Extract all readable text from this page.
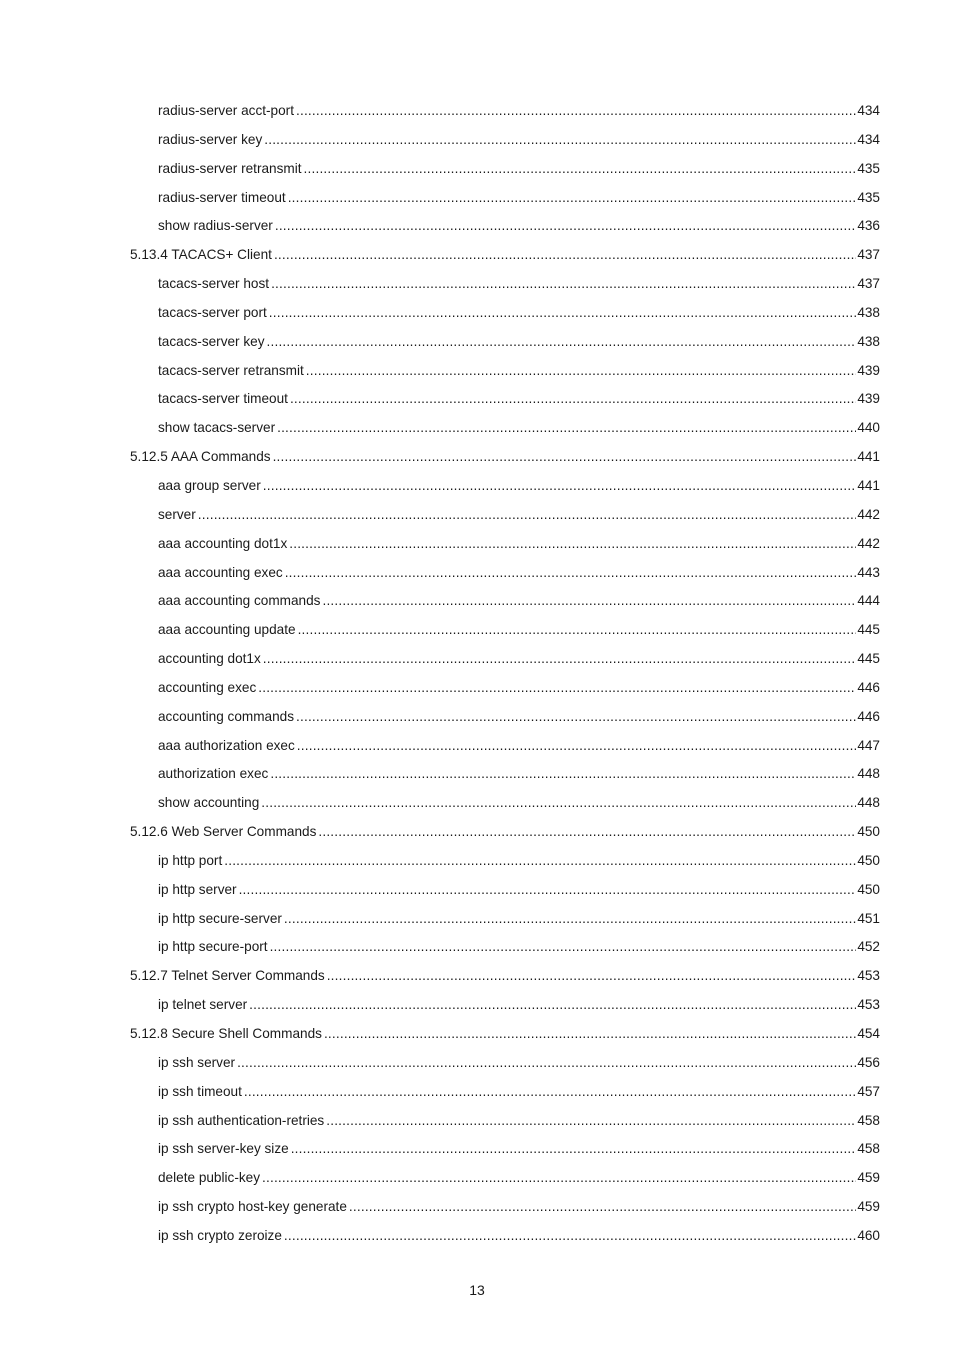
radius-server acct-port .....	434
radius-server key .....	434
radius-server retransmit .....	435
radius-server timeout .....	435
show radius-server .....	436
5.13.4 TACACS+ Client .....	437
tacacs-server host .....	437
tacacs-server port .....	438
tacacs-server key .....	438
tacacs-server retransmit .....	439
tacacs-server timeout .....	439
show tacacs-server .....	440
5.12.5 AAA Commands .....	441
aaa group server .....	441
server .....	442
aaa accounting dot1x .....	442
aaa accounting exec .....	443
aaa accounting commands .....	444
aaa accounting update .....	445
accounting dot1x .....	445
accounting exec .....	446
accounting commands .....	446
aaa authorization exec .....	447
authorization exec .....	448
show accounting .....	448
5.12.6 Web Server Commands .....	450
ip http port .....	450
ip http server .....	450
ip http secure-server .....	451
ip http secure-port .....	452
5.12.7 Telnet Server Commands .....	453
ip telnet server .....	453
5.12.8 Secure Shell Commands .....	454
ip ssh server .....	456
ip ssh timeout .....	457
ip ssh authentication-retries .....	458
ip ssh server-key size .....	458
delete public-key .....	459
ip ssh crypto host-key generate .....	459
ip ssh crypto zeroize .....	460
13
